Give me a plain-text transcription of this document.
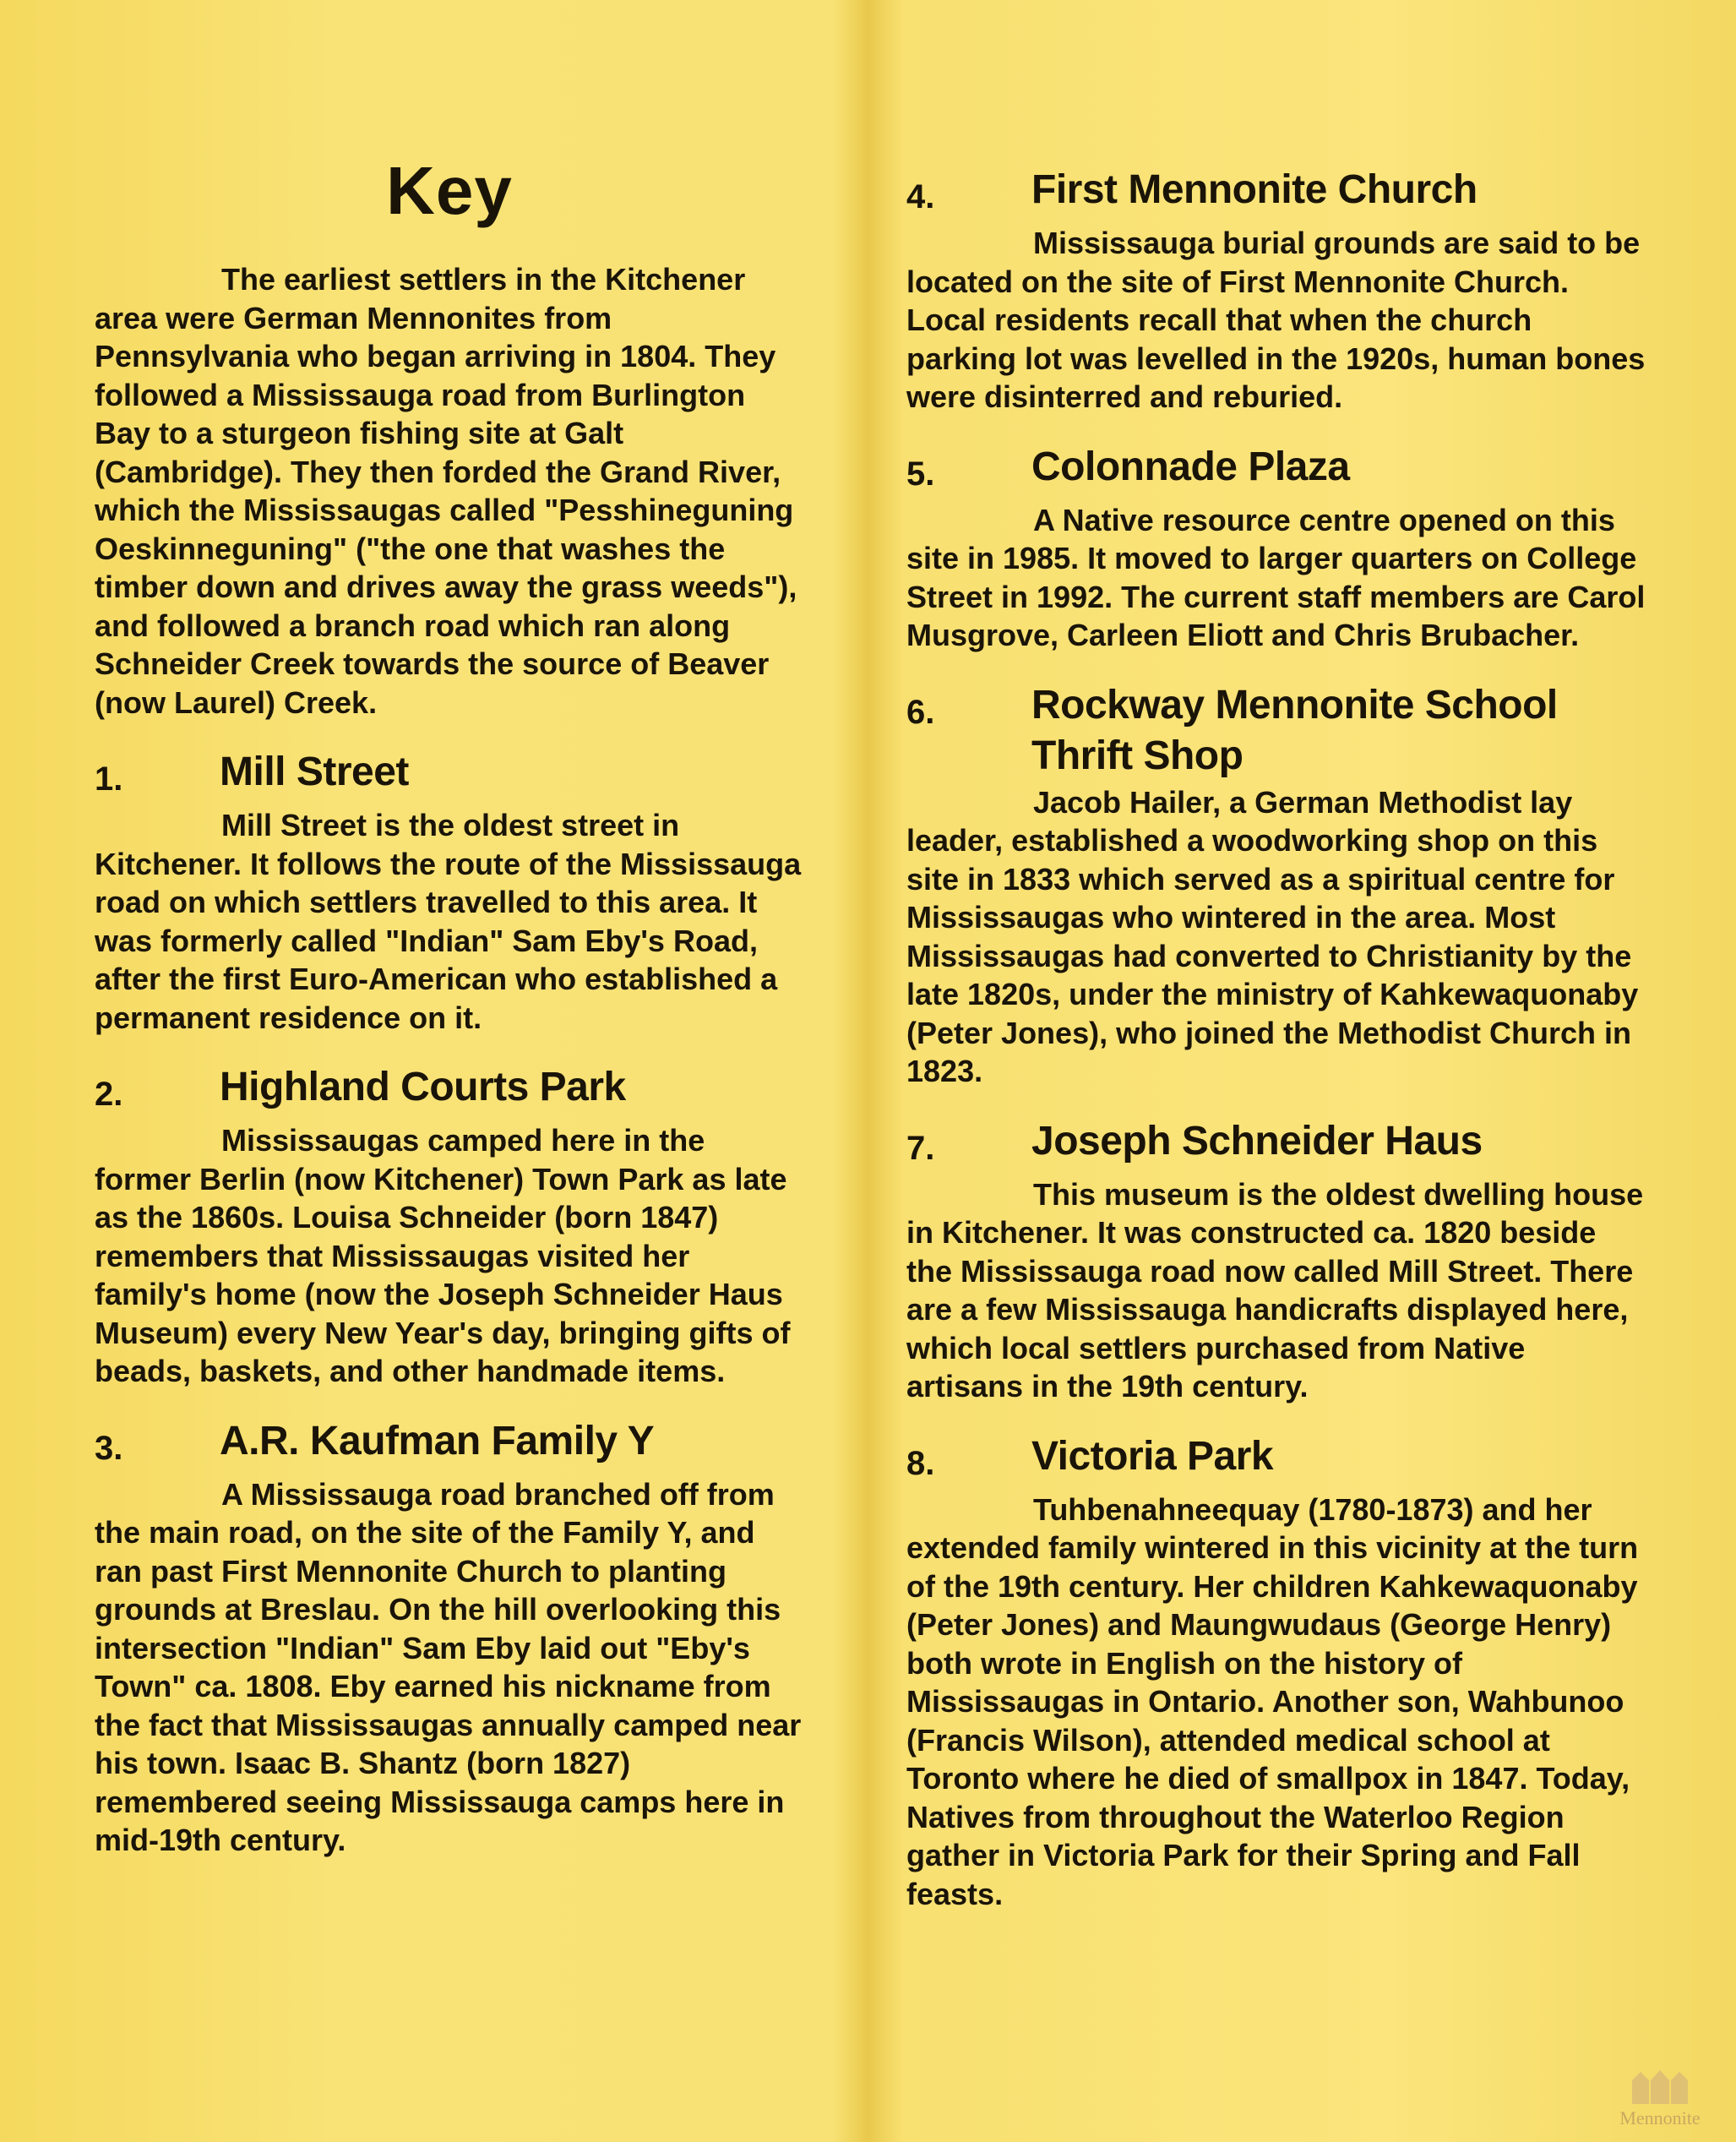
Key

The earliest settlers in the Kitchener area were German Mennonites from Pennsylvania who began arriving in 1804. They followed a Mississauga road from Burlington Bay to a sturgeon fishing site at Galt (Cambridge). They then forded the Grand River, which the Mississaugas called "Pesshineguning Oeskinneguning" ("the one that washes the timber down and drives away the grass weeds"), and followed a branch road which ran along Schneider Creek towards the source of Beaver (now Laurel) Creek.

1.	Mill Street

Mill Street is the oldest street in Kitchener. It follows the route of the Mississauga road on which settlers travelled to this area. It was formerly called "Indian" Sam Eby's Road, after the first Euro-American who established a permanent residence on it.

2.	Highland Courts Park

Mississaugas camped here in the former Berlin (now Kitchener) Town Park as late as the 1860s. Louisa Schneider (born 1847) remembers that Mississaugas visited her family's home (now the Joseph Schneider Haus Museum) every New Year's day, bringing gifts of beads, baskets, and other handmade items.

3.	A.R. Kaufman Family Y

A Mississauga road branched off from the main road, on the site of the Family Y, and ran past First Mennonite Church to planting grounds at Breslau. On the hill overlooking this intersection "Indian" Sam Eby laid out "Eby's Town" ca. 1808. Eby earned his nickname from the fact that Mississaugas annually camped near his town. Isaac B. Shantz (born 1827) remembered seeing Mississauga camps here in mid-19th century.

4.	First Mennonite Church

Mississauga burial grounds are said to be located on the site of First Mennonite Church. Local residents recall that when the church parking lot was levelled in the 1920s, human bones were disinterred and reburied.

5.	Colonnade Plaza

A Native resource centre opened on this site in 1985. It moved to larger quarters on College Street in 1992. The current staff members are Carol Musgrove, Carleen Eliott and Chris Brubacher.

6.	Rockway Mennonite School Thrift Shop

Jacob Hailer, a German Methodist lay leader, established a woodworking shop on this site in 1833 which served as a spiritual centre for Mississaugas who wintered in the area. Most Mississaugas had converted to Christianity by the late 1820s, under the ministry of Kahkewaquonaby (Peter Jones), who joined the Methodist Church in 1823.

7.	Joseph Schneider Haus

This museum is the oldest dwelling house in Kitchener. It was constructed ca. 1820 beside the Mississauga road now called Mill Street. There are a few Mississauga handicrafts displayed here, which local settlers purchased from Native artisans in the 19th century.

8.	Victoria Park

Tuhbenahneequay (1780-1873) and her extended family wintered in this vicinity at the turn of the 19th century. Her children Kahkewaquonaby (Peter Jones) and Maungwudaus (George Henry) both wrote in English on the history of Mississaugas in Ontario. Another son, Wahbunoo (Francis Wilson), attended medical school at Toronto where he died of smallpox in 1847. Today, Natives from throughout the Waterloo Region gather in Victoria Park for their Spring and Fall feasts.

Mennonite
